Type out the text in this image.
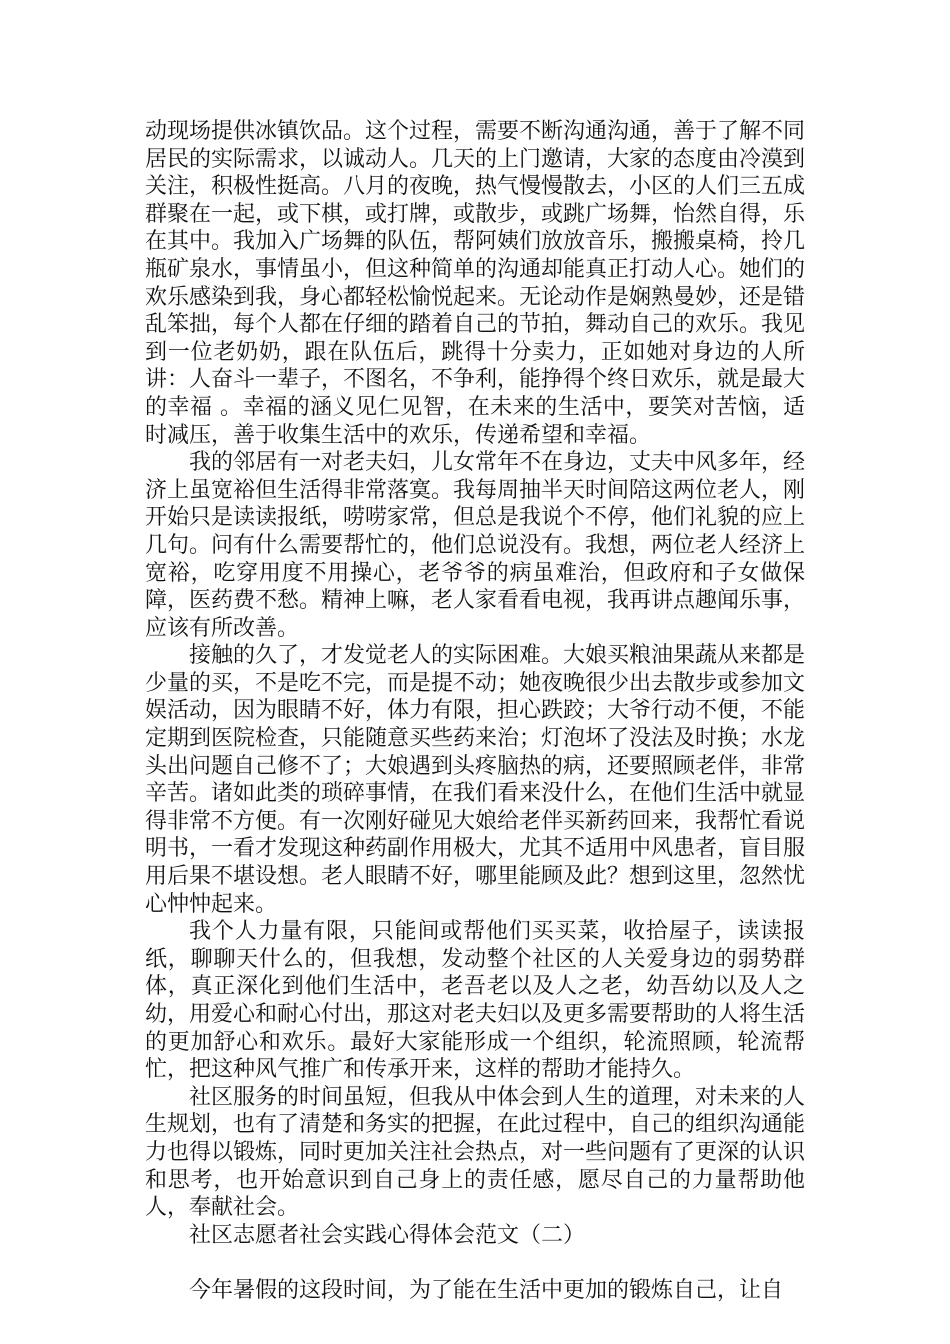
动现场提供冰镇饮品。这个过程，需要不断沟通沟通，善于了解不同居民的实际需求，以诚动人。几天的上门邀请，大家的态度由冷漠到关注，积极性挺高。八月的夜晚，热气慢慢散去，小区的人们三五成群聚在一起，或下棋，或打牌，或散步，或跳广场舞，怡然自得，乐在其中。我加入广场舞的队伍，帮阿姨们放放音乐，搬搬桌椅，拎几瓶矿泉水，事情虽小，但这种简单的沟通却能真正打动人心。她们的欢乐感染到我，身心都轻松愉悦起来。无论动作是娴熟曼妙，还是错乱笨拙，每个人都在仔细的踏着自己的节拍，舞动自己的欢乐。我见到一位老奶奶，跟在队伍后，跳得十分卖力，正如她对身边的人所讲：人奋斗一辈子，不图名，不争利，能挣得个终日欢乐，就是最大的幸福 。幸福的涵义见仁见智，在未来的生活中，要笑对苦恼，适时减压，善于收集生活中的欢乐，传递希望和幸福。

我的邻居有一对老夫妇，儿女常年不在身边，丈夫中风多年，经济上虽宽裕但生活得非常落寞。我每周抽半天时间陪这两位老人，刚开始只是读读报纸，唠唠家常，但总是我说个不停，他们礼貌的应上几句。问有什么需要帮忙的，他们总说没有。我想，两位老人经济上宽裕，吃穿用度不用操心，老爷爷的病虽难治，但政府和子女做保障，医药费不愁。精神上嘛，老人家看看电视，我再讲点趣闻乐事，应该有所改善。

接触的久了，才发觉老人的实际困难。大娘买粮油果蔬从来都是少量的买，不是吃不完，而是提不动；她夜晚很少出去散步或参加文娱活动，因为眼睛不好，体力有限，担心跌跤；大爷行动不便，不能定期到医院检查，只能随意买些药来治；灯泡坏了没法及时换；水龙头出问题自己修不了；大娘遇到头疼脑热的病，还要照顾老伴，非常辛苦。诸如此类的琐碎事情，在我们看来没什么，在他们生活中就显得非常不方便。有一次刚好碰见大娘给老伴买新药回来，我帮忙看说明书，一看才发现这种药副作用极大，尤其不适用中风患者，盲目服用后果不堪设想。老人眼睛不好，哪里能顾及此？想到这里，忽然忧心忡忡起来。

我个人力量有限，只能间或帮他们买买菜，收拾屋子，读读报纸，聊聊天什么的，但我想，发动整个社区的人关爱身边的弱势群体，真正深化到他们生活中，老吾老以及人之老，幼吾幼以及人之幼，用爱心和耐心付出，那这对老夫妇以及更多需要帮助的人将生活的更加舒心和欢乐。最好大家能形成一个组织，轮流照顾，轮流帮忙，把这种风气推广和传承开来，这样的帮助才能持久。

社区服务的时间虽短，但我从中体会到人生的道理，对未来的人生规划，也有了清楚和务实的把握，在此过程中，自己的组织沟通能力也得以锻炼，同时更加关注社会热点，对一些问题有了更深的认识和思考，也开始意识到自己身上的责任感，愿尽自己的力量帮助他人，奉献社会。

社区志愿者社会实践心得体会范文（二）

今年暑假的这段时间，为了能在生活中更加的锻炼自己，让自
